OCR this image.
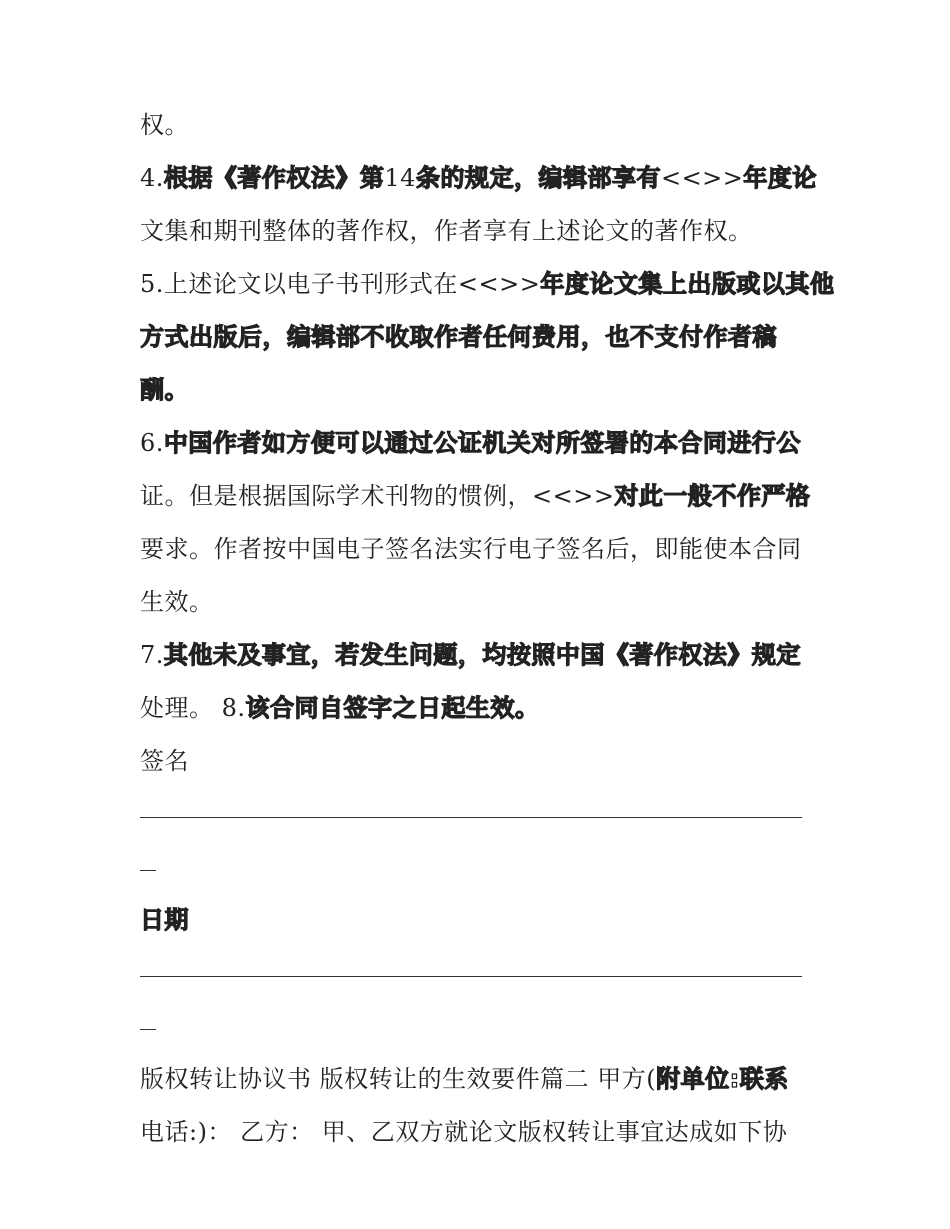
权。
4.根据《著作权法》第14条的规定，编辑部享有<<>>年度论
文集和期刊整体的著作权，作者享有上述论文的著作权。
5.上述论文以电子书刊形式在<<>>年度论文集上出版或以其他
方式出版后，编辑部不收取作者任何费用，也不支付作者稿
酬。
6.中国作者如方便可以通过公证机关对所签署的本合同进行公
证。但是根据国际学术刊物的惯例，<<>>对此一般不作严格
要求。作者按中国电子签名法实行电子签名后，即能使本合同
生效。
7.其他未及事宜，若发生问题，均按照中国《著作权法》规定
处理。 8.该合同自签字之日起生效。
签名
日期
版权转让协议书 版权转让的生效要件篇二 甲方(附单位:联系
电话:)： 乙方： 甲、乙双方就论文版权转让事宜达成如下协
